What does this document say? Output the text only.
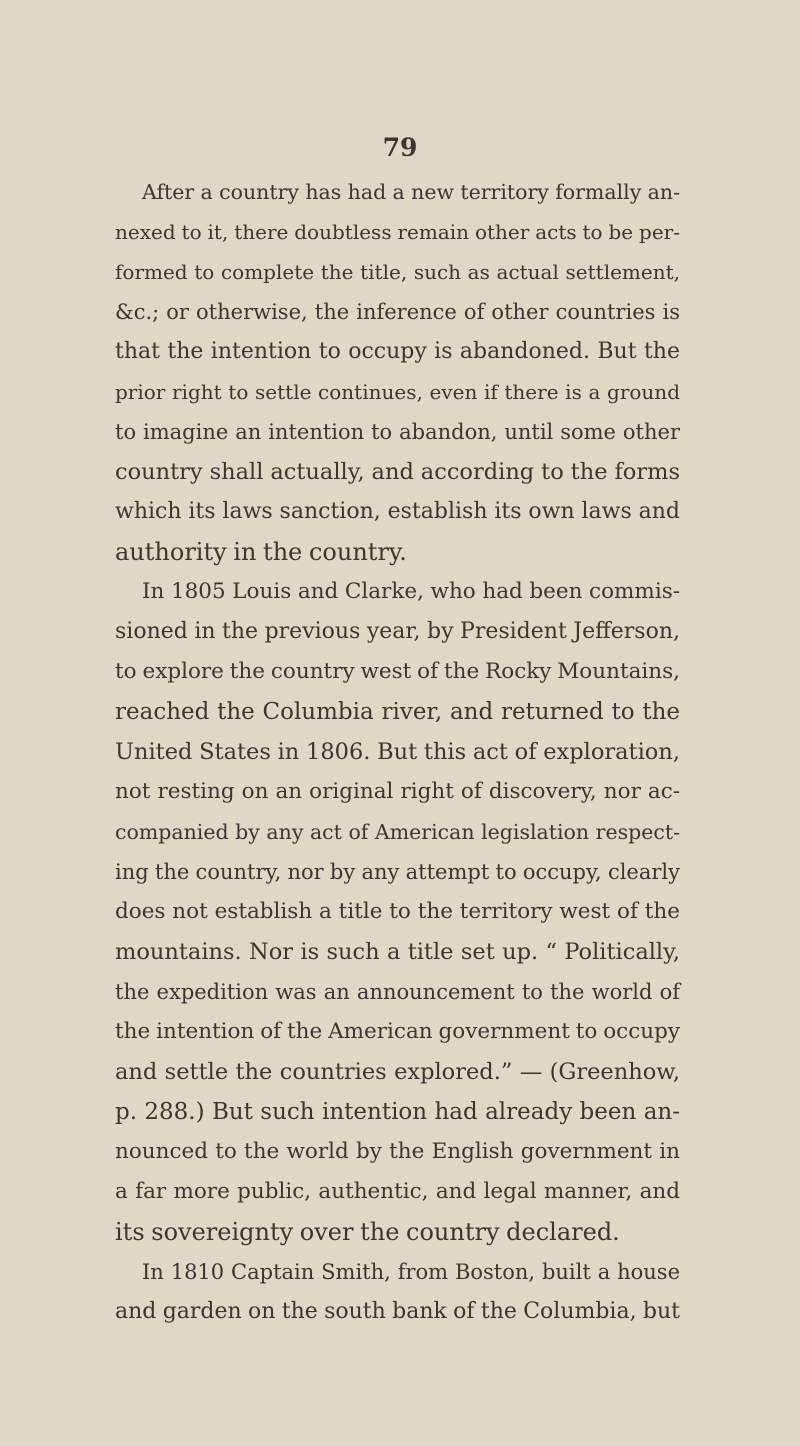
79
After a country has had a new territory formally an-
nexed to it, there doubtless remain other acts to be per-
formed to complete the title, such as actual settlement,
&c.; or otherwise, the inference of other countries is
that the intention to occupy is abandoned. But the
prior right to settle continues, even if there is a ground
to imagine an intention to abandon, until some other
country shall actually, and according to the forms
which its laws sanction, establish its own laws and
authority in the country.
In 1805 Louis and Clarke, who had been commis-
sioned in the previous year, by President Jefferson,
to explore the country west of the Rocky Mountains,
reached the Columbia river, and returned to the
United States in 1806. But this act of exploration,
not resting on an original right of discovery, nor ac-
companied by any act of American legislation respect-
ing the country, nor by any attempt to occupy, clearly
does not establish a title to the territory west of the
mountains. Nor is such a title set up. “ Politically,
the expedition was an announcement to the world of
the intention of the American government to occupy
and settle the countries explored.” — (Greenhow,
p. 288.) But such intention had already been an-
nounced to the world by the English government in
a far more public, authentic, and legal manner, and
its sovereignty over the country declared.
In 1810 Captain Smith, from Boston, built a house
and garden on the south bank of the Columbia, but
